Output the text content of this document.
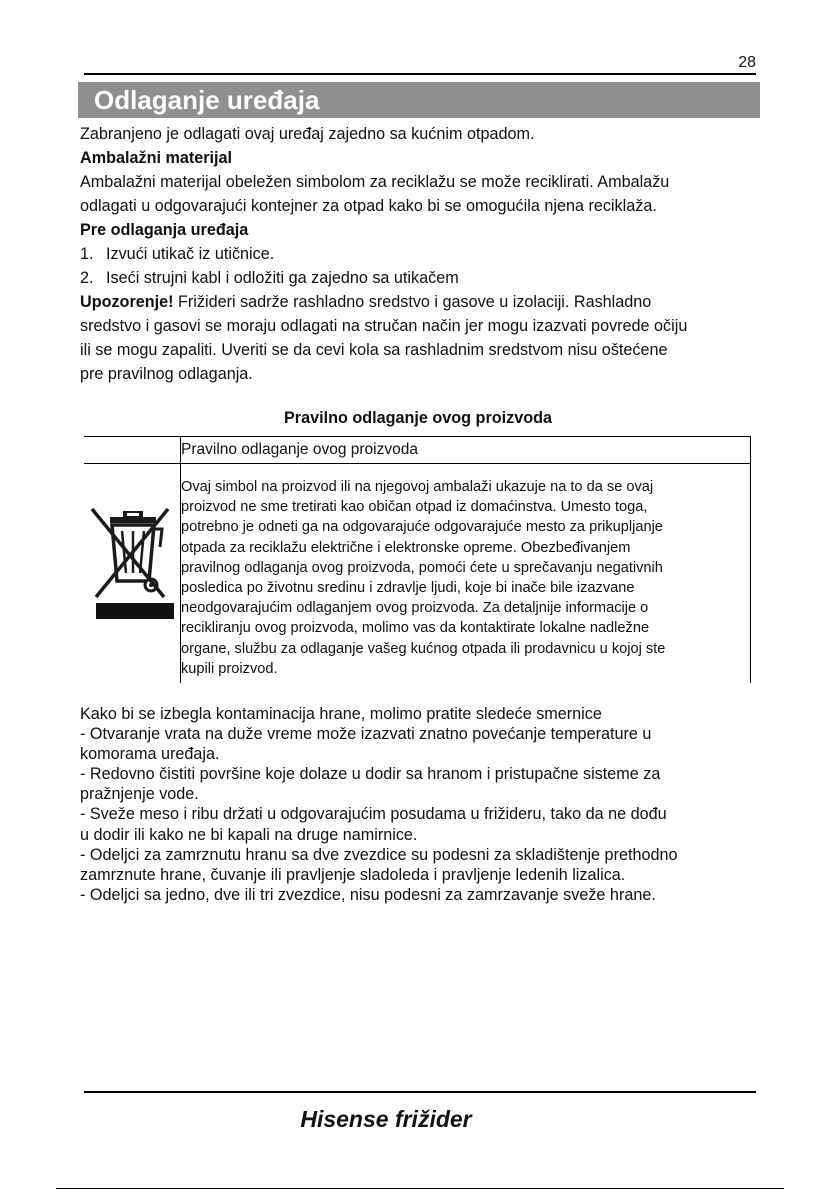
28
Odlaganje uređaja

Zabranjeno je odlagati ovaj uređaj zajedno sa kućnim otpadom.

Ambalažni materijal

Ambalažni materijal obeležen simbolom za reciklažu se može reciklirati. Ambalažu

odlagati u odgovarajući kontejner za otpad kako bi se omogućila njena reciklaža.

Pre odlaganja uređaja

1. Izvući utikač iz utičnice.
2. Iseći strujni kabl i odložiti ga zajedno sa utikačem

Upozorenje! Frižideri sadrže rashladno sredstvo i gasove u izolaciji. Rashladno

sredstvo i gasovi se moraju odlagati na stručan način jer mogu izazvati povrede očiju

ili se mogu zapaliti. Uveriti se da cevi kola sa rashladnim sredstvom nisu oštećene

pre pravilnog odlaganja.

Pravilno odlaganje ovog proizvoda
Pravilno odlaganje ovog proizvoda
Ovaj simbol na proizvod ili na njegovoj ambalaži ukazuje na to da se ovaj
proizvod ne sme tretirati kao običan otpad iz domaćinstva. Umesto toga,
potrebno je odneti ga na odgovarajuće odgovarajuće mesto za prikupljanje
otpada za reciklažu električne i elektronske opreme. Obezbeđivanjem
pravilnog odlaganja ovog proizvoda, pomoći ćete u sprečavanju negativnih
posledica po životnu sredinu i zdravlje ljudi, koje bi inače bile izazvane
neodgovarajućim odlaganjem ovog proizvoda. Za detaljnije informacije o
recikliranju ovog proizvoda, molimo vas da kontaktirate lokalne nadležne
organe, službu za odlaganje vašeg kućnog otpada ili prodavnicu u kojoj ste
kupili proizvod.

Kako bi se izbegla kontaminacija hrane, molimo pratite sledeće smernice

- Otvaranje vrata na duže vreme može izazvati znatno povećanje temperature u

komorama uređaja.

- Redovno čistiti površine koje dolaze u dodir sa hranom i pristupačne sisteme za

pražnjenje vode.

- Sveže meso i ribu držati u odgovarajućim posudama u frižideru, tako da ne dođu

u dodir ili kako ne bi kapali na druge namirnice.

- Odeljci za zamrznutu hranu sa dve zvezdice su podesni za skladištenje prethodno

zamrznute hrane, čuvanje ili pravljenje sladoleda i pravljenje ledenih lizalica.

- Odeljci sa jedno, dve ili tri zvezdice, nisu podesni za zamrzavanje sveže hrane.

Hisense frižider
